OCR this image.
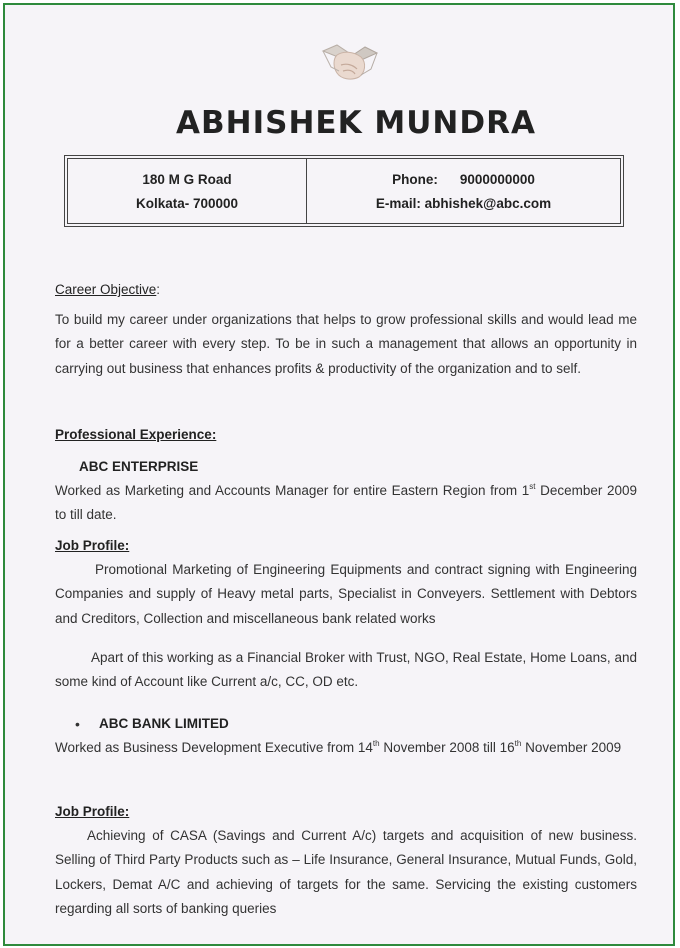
ABHISHEK MUNDRA
180 M G Road
Kolkata- 700000
Phone: 9000000000
E-mail: abhishek@abc.com
Career Objective:
To build my career under organizations that helps to grow professional skills and would lead me for a better career with every step. To be in such a management that allows an opportunity in carrying out business that enhances profits & productivity of the organization and to self.
Professional Experience:
ABC ENTERPRISE
Worked as Marketing and Accounts Manager for entire Eastern Region from 1st December 2009 to till date.
Job Profile:
Promotional Marketing of Engineering Equipments and contract signing with Engineering Companies and supply of Heavy metal parts, Specialist in Conveyers. Settlement with Debtors and Creditors, Collection and miscellaneous bank related works
Apart of this working as a Financial Broker with Trust, NGO, Real Estate, Home Loans, and some kind of Account like Current a/c, CC, OD etc.
•	ABC BANK LIMITED
Worked as Business Development Executive from 14th November 2008 till 16th November 2009
Job Profile:
Achieving of CASA (Savings and Current A/c) targets and acquisition of new business. Selling of Third Party Products such as – Life Insurance, General Insurance, Mutual Funds, Gold, Lockers, Demat A/C and achieving of targets for the same. Servicing the existing customers regarding all sorts of banking queries
